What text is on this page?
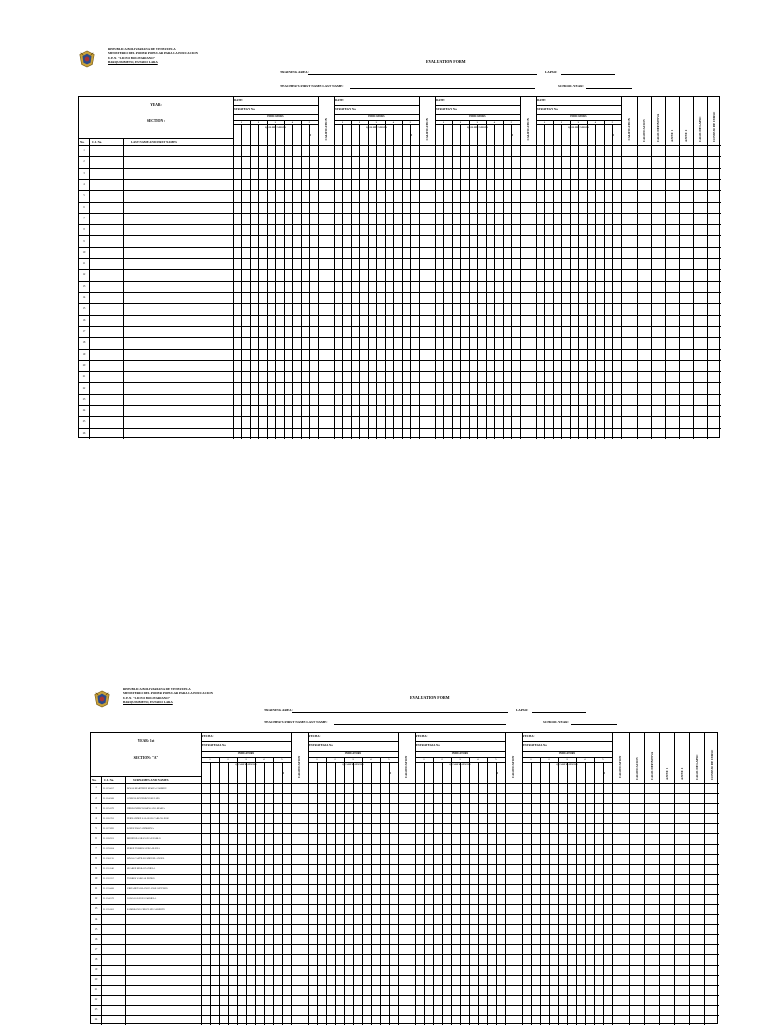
REPUBLICA BOLIVARIANA DE VENEZUELA
MINISTERIO DEL PODER POPULAR PARA LA EDUCACION
U.E.N. "LICEO BOLIVARIANO"
BARQUISIMETO, ESTADO LARA	EVALUATION FORM
TRAINING AREA:	LAPSO:
TEACHER'S FIRST NAME LAST NAME:	SCHOOL YEAR:
YEAR:
SECTION :
No.	C.I. No.	LAST NAME AND FIRST NAMES
DATE:
STRATEGY No.
INDICATORS
1	2	3	4	5
QUALIFICATIONS
1	CALIFICATION
DATE:
STRATEGY No.
INDICATORS
1	2	3	4	5
QUALIFICATIONS
1	CALIFICATION
DATE:
STRATEGY No.
INDICATORS
1	2	3	4	5
QUALIFICATIONS
1	CALIFICATION
DATE:
STRATEGY No.
INDICATORS
1	2	3	4	5
QUALIFICATIONS
1	CALIFICATION	CALIFICACION	CALIF. DEFINITIVA	AJUST. 1	AJUST. 2	CALIF. DE LAPSO	CONSEJO DE CURSO
1
2
3
4
5
6
7
8
9
10
11
12
13
14
15
16
17
18
19
20
21
22
23
24
25
26
REPUBLICA BOLIVARIANA DE VENEZUELA
MINISTERIO DEL PODER POPULAR PARA LA EDUCACION
U.E.N. "LICEO BOLIVARIANO"
BARQUISIMETO, ESTADO LARA
EVALUATION FORM
TRAINING AREA:	LAPSO:
TEACHER'S FIRST NAME LAST NAME:	SCHOOL YEAR:
YEAR: 1st
SECTION: "A"
No.	C.I. No.	SURNAMES AND NAMES
FECHA:
ESTRATEGIA No.
INDICATORS
1	2	3	4	5
QUALIFICATIONS
1	CALIFICATION
FECHA:
ESTRATEGIA No.
INDICATORS
1	2	3	4	5
QUALIFICATIONS
1	CALIFICATION
FECHA:
ESTRATEGIA No.
INDICATORS
1	2	3	4	5
QUALIFICATIONS
1	CALIFICATION
FECHA:
ESTRATEGIA No.
INDICATORS
1	2	3	4	5
QUALIFICATIONS
1	CALIFICATION	CALIFICACION	CALIF. DEFINITIVA	AJUST. 1	AJUST. 2	CALIF. DE LAPSO	CONSEJO DE CURSO
1	31.123.457	ROJAS MARTINEZ MARIA CARMEN
2	31.124.568	GONZALEZ PEREZ JOSE LUIS
3	31.125.679	HERNANDEZ RAMOS ANA MARIA
4	31.126.781	FERNANDEZ SALAZAR CARLOS JOSE
5	31.127.892	LOPEZ DIAZ ANDREINA
6	31.128.913	MENDOZA SILVA JUAN PABLO
7	31.129.024	PEREZ TORRES LUISA ELENA
8	31.130.135	RIVAS CASTILLO MIGUEL ANGEL
9	31.131.246	SUAREZ MORA DANIELA
10	31.132.357	TORRES VARGAS PEDRO
11	31.133.468	URDANETA BLANCO JOSE ANTONIO
12	31.134.579	VARGAS LEON GABRIELA
13	31.135.681	ZAMBRANO CRUZ LUIS ALBERTO
14
15
16
17
18
19
20
21
22
23
24
